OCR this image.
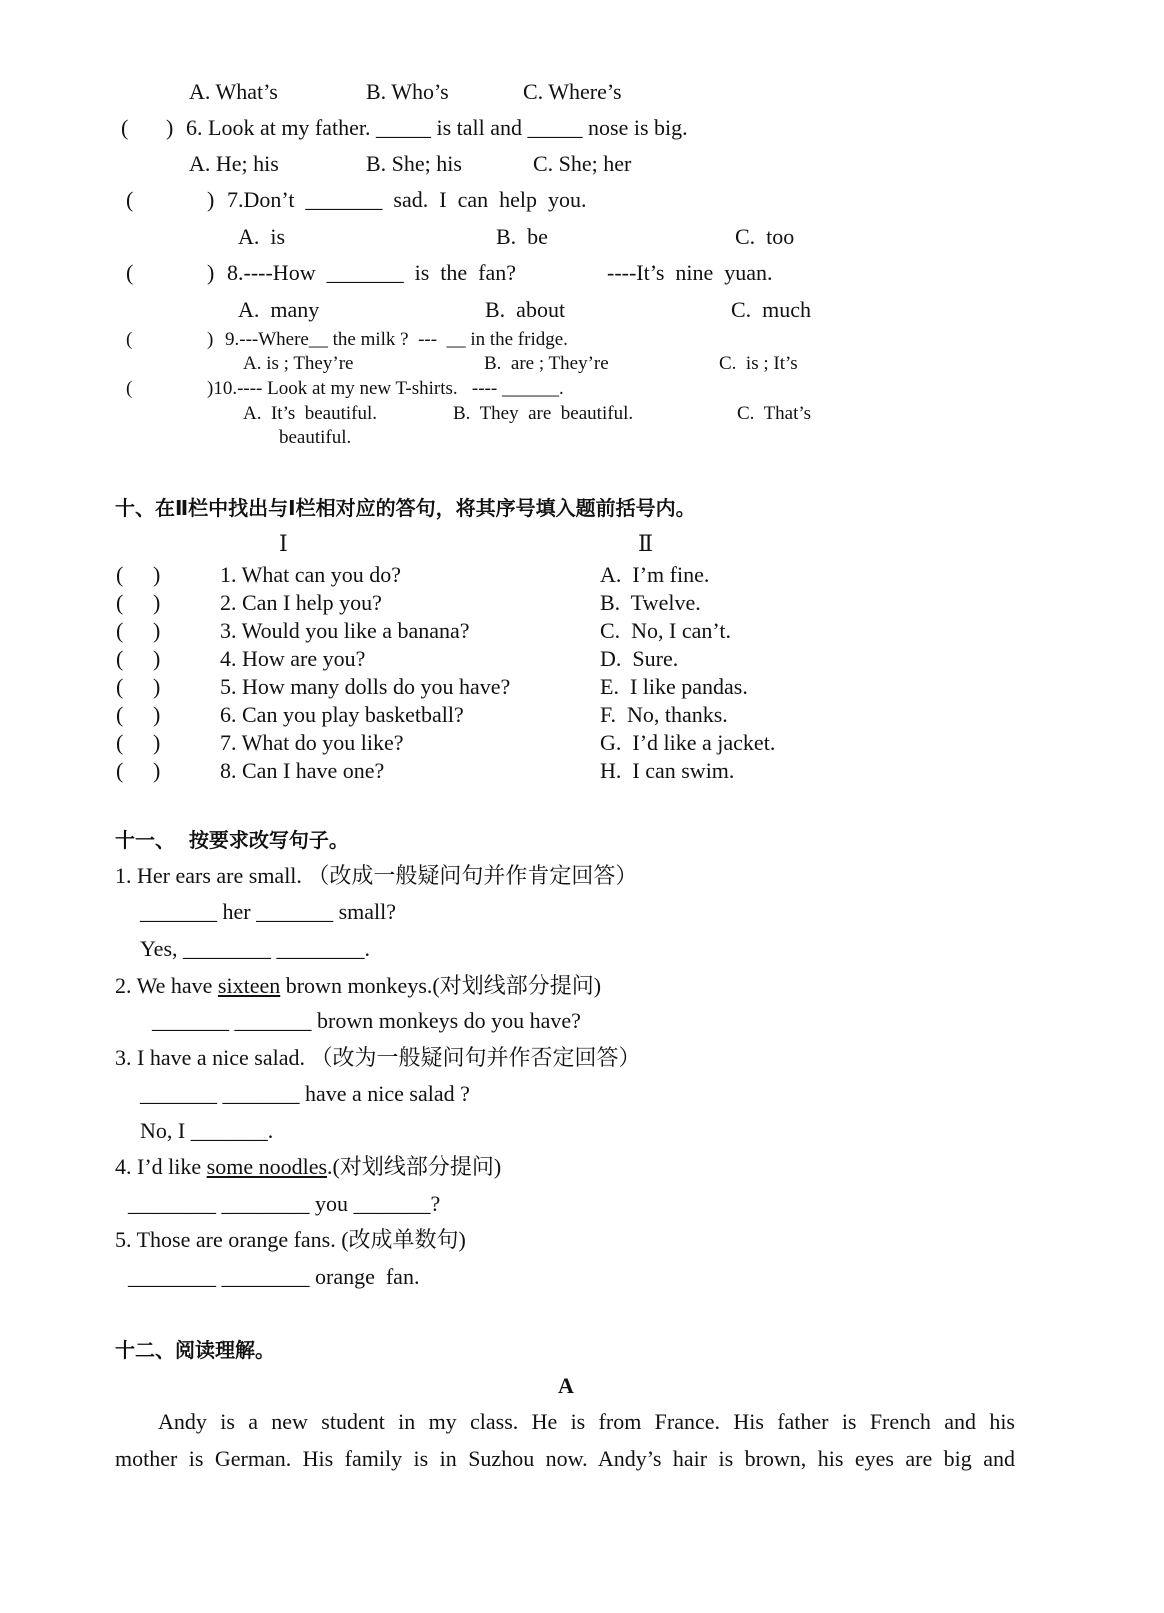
A. What’s	B. Who’s	C. Where’s
( ) 6. Look at my father. _____ is tall and _____ nose is big.
A. He; his	B. She; his	C. She; her
(	) 7.Don’t  _______  sad.  I  can  help  you.
A.  is	B.  be	C.  too
(	) 8.----How  _______  is  the  fan?	----It’s  nine  yuan.
A.  many	B.  about	C.  much
(	) 9.---Where__ the milk ?  ---  __ in the fridge.
A. is ; They’re	B.  are ; They’re	C.  is ; It’s
(	)10.---- Look at my new T-shirts.   ---- ______.
A.  It’s  beautiful.	B.  They  are  beautiful.	C.  That’s
beautiful.
十、在Ⅱ栏中找出与Ⅰ栏相对应的答句，将其序号填入题前括号内。
Ⅰ	Ⅱ
( )	1. What can you do?	A.  I’m fine.
( )	2. Can I help you?	B.  Twelve.
( )	3. Would you like a banana?	C.  No, I can’t.
( )	4. How are you?	D.  Sure.
( )	5. How many dolls do you have?	E.  I like pandas.
( )	6. Can you play basketball?	F.  No, thanks.
( )	7. What do you like?	G.  I’d like a jacket.
( )	8. Can I have one?	H.  I can swim.
十一、  按要求改写句子。
1. Her ears are small. （改成一般疑问句并作肯定回答）
_______ her _______ small?
Yes, ________ ________.
2. We have sixteen brown monkeys.(对划线部分提问)
_______ _______ brown monkeys do you have?
3. I have a nice salad. （改为一般疑问句并作否定回答）
_______ _______ have a nice salad ?
No, I _______.
4. I’d like some noodles.(对划线部分提问)
________ ________ you _______?
5. Those are orange fans. (改成单数句)
________ ________ orange  fan.
十二、阅读理解。
A
Andy is a new student in my class. He is from France. His father is French and his
mother is German. His family is in Suzhou now. Andy’s hair is brown, his eyes are big and
